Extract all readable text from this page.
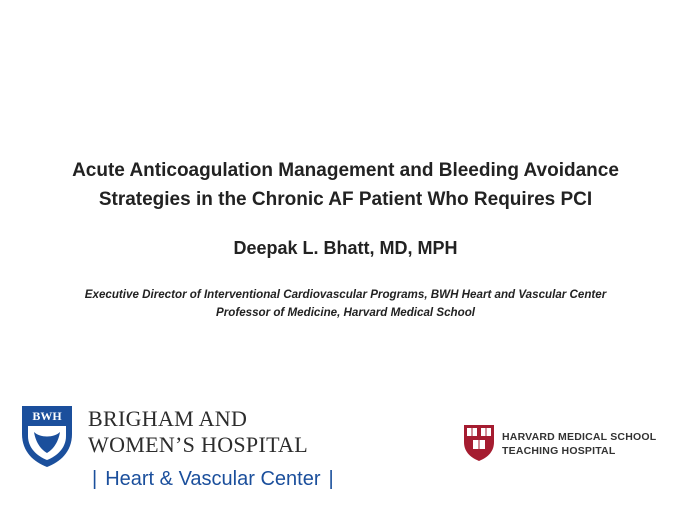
Acute Anticoagulation Management and Bleeding Avoidance
Strategies in the Chronic AF Patient Who Requires PCI
Deepak L. Bhatt, MD, MPH
Executive Director of Interventional Cardiovascular Programs, BWH Heart and Vascular Center
Professor of Medicine, Harvard Medical School
BWH BRIGHAM AND
WOMEN’S HOSPITAL
| Heart & Vascular Center |
HARVARD MEDICAL SCHOOL
TEACHING HOSPITAL
